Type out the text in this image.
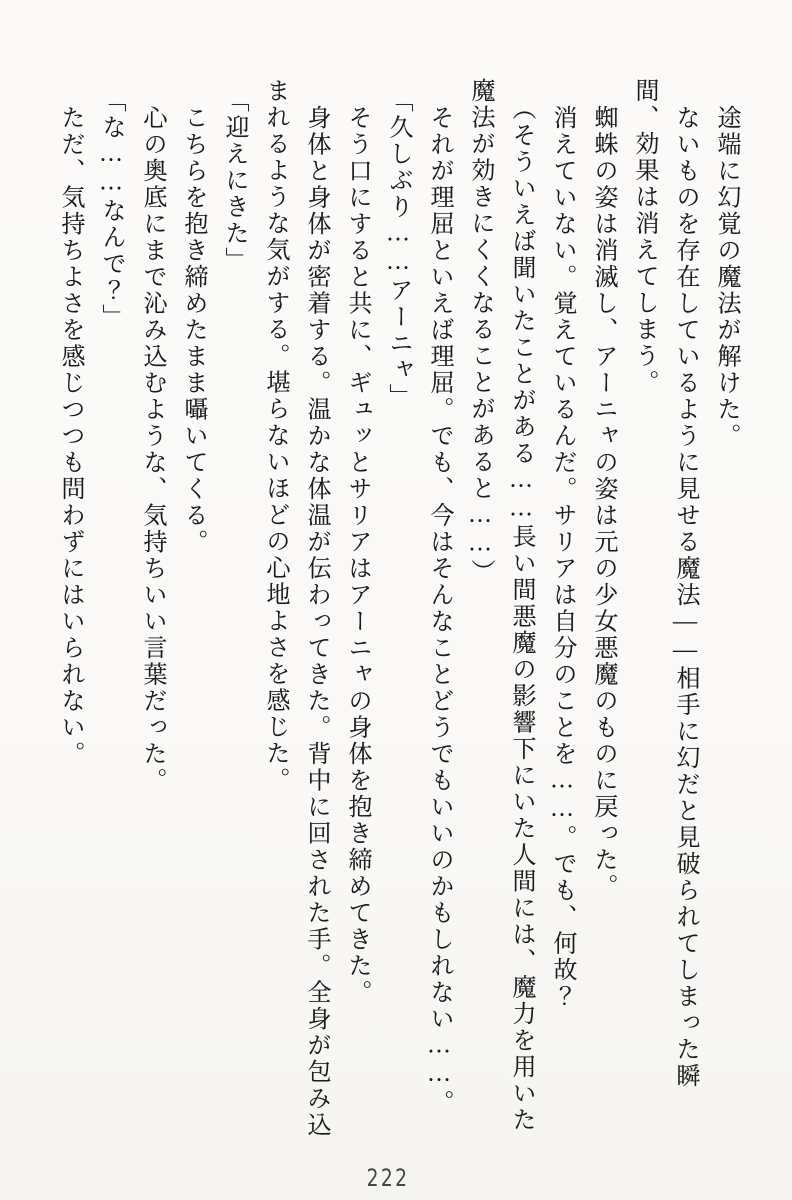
途端に幻覚の魔法が解けた。

ないものを存在しているように見せる魔法――相手に幻だと見破られてしまった瞬間、効果は消えてしまう。

蜘蛛の姿は消滅し、アーニャの姿は元の少女悪魔のものに戻った。

消えていない。覚えているんだ。サリアは自分のことを……。でも、何故？

（そういえば聞いたことがある……長い間悪魔の影響下にいた人間には、魔力を用いた魔法が効きにくくなることがあると……）

それが理屈といえば理屈。でも、今はそんなことどうでもいいのかもしれない……。

「久しぶり……アーニャ」

そう口にすると共に、ギュッとサリアはアーニャの身体を抱き締めてきた。

身体と身体が密着する。温かな体温が伝わってきた。背中に回された手。全身が包み込まれるような気がする。堪らないほどの心地よさを感じた。

「迎えにきた」

こちらを抱き締めたまま囁いてくる。

心の奥底にまで沁み込むような、気持ちいい言葉だった。

「な……なんで？」

ただ、気持ちよさを感じつつも問わずにはいられない。

222
